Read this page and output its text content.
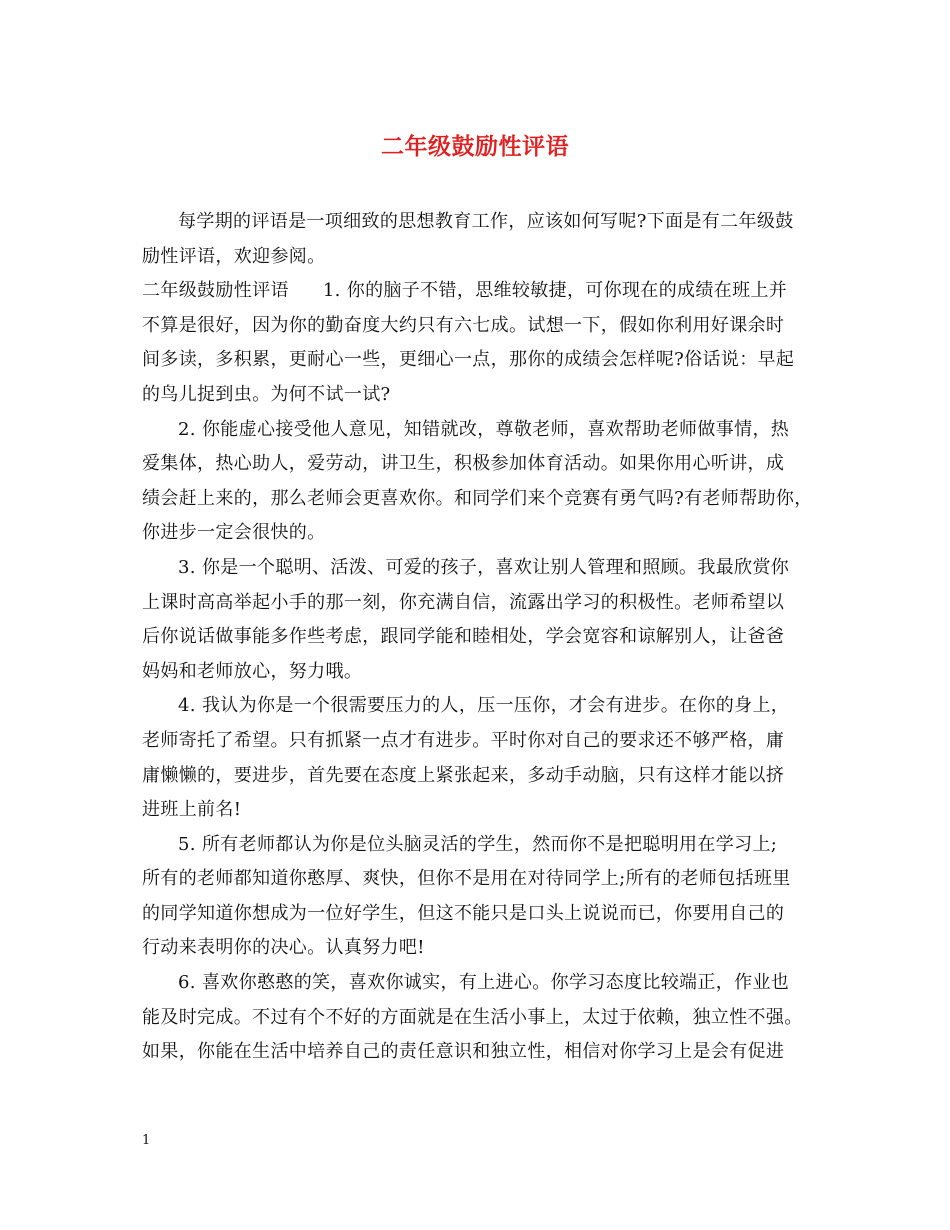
二年级鼓励性评语
每学期的评语是一项细致的思想教育工作，应该如何写呢?下面是有二年级鼓
励性评语，欢迎参阅。
二年级鼓励性评语 1. 你的脑子不错，思维较敏捷，可你现在的成绩在班上并
不算是很好，因为你的勤奋度大约只有六七成。试想一下，假如你利用好课余时
间多读，多积累，更耐心一些，更细心一点，那你的成绩会怎样呢?俗话说：早起
的鸟儿捉到虫。为何不试一试?
2. 你能虚心接受他人意见，知错就改，尊敬老师，喜欢帮助老师做事情，热
爱集体，热心助人，爱劳动，讲卫生，积极参加体育活动。如果你用心听讲，成
绩会赶上来的，那么老师会更喜欢你。和同学们来个竞赛有勇气吗?有老师帮助你，
你进步一定会很快的。
3. 你是一个聪明、活泼、可爱的孩子，喜欢让别人管理和照顾。我最欣赏你
上课时高高举起小手的那一刻，你充满自信，流露出学习的积极性。老师希望以
后你说话做事能多作些考虑，跟同学能和睦相处，学会宽容和谅解别人，让爸爸
妈妈和老师放心，努力哦。
4. 我认为你是一个很需要压力的人，压一压你，才会有进步。在你的身上，
老师寄托了希望。只有抓紧一点才有进步。平时你对自己的要求还不够严格，庸
庸懒懒的，要进步，首先要在态度上紧张起来，多动手动脑，只有这样才能以挤
进班上前名!
5. 所有老师都认为你是位头脑灵活的学生，然而你不是把聪明用在学习上;
所有的老师都知道你憨厚、爽快，但你不是用在对待同学上;所有的老师包括班里
的同学知道你想成为一位好学生，但这不能只是口头上说说而已，你要用自己的
行动来表明你的决心。认真努力吧!
6. 喜欢你憨憨的笑，喜欢你诚实，有上进心。你学习态度比较端正，作业也
能及时完成。不过有个不好的方面就是在生活小事上，太过于依赖，独立性不强。
如果，你能在生活中培养自己的责任意识和独立性，相信对你学习上是会有促进
1
